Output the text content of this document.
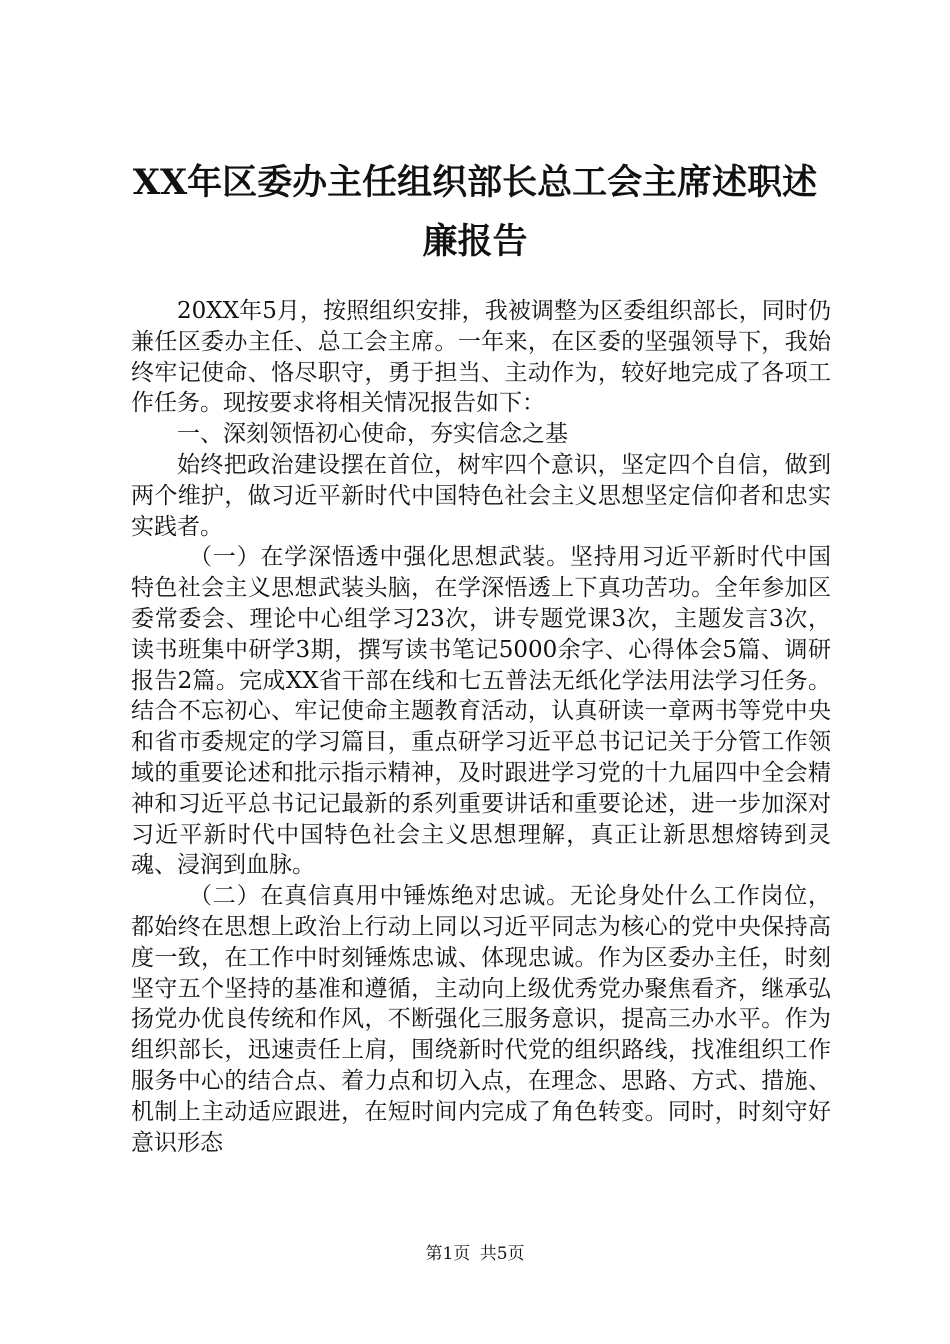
XX年区委办主任组织部长总工会主席述职述
廉报告

20XX年5月，按照组织安排，我被调整为区委组织部长，同时仍兼任区委办主任、总工会主席。一年来，在区委的坚强领导下，我始终牢记使命、恪尽职守，勇于担当、主动作为，较好地完成了各项工作任务。现按要求将相关情况报告如下：

一、深刻领悟初心使命，夯实信念之基

始终把政治建设摆在首位，树牢四个意识，坚定四个自信，做到两个维护，做习近平新时代中国特色社会主义思想坚定信仰者和忠实实践者。

（一）在学深悟透中强化思想武装。坚持用习近平新时代中国特色社会主义思想武装头脑，在学深悟透上下真功苦功。全年参加区委常委会、理论中心组学习23次，讲专题党课3次，主题发言3次，读书班集中研学3期，撰写读书笔记5000余字、心得体会5篇、调研报告2篇。完成XX省干部在线和七五普法无纸化学法用法学习任务。结合不忘初心、牢记使命主题教育活动，认真研读一章两书等党中央和省市委规定的学习篇目，重点研学习近平总书记记关于分管工作领域的重要论述和批示指示精神，及时跟进学习党的十九届四中全会精神和习近平总书记记最新的系列重要讲话和重要论述，进一步加深对习近平新时代中国特色社会主义思想理解，真正让新思想熔铸到灵魂、浸润到血脉。

（二）在真信真用中锤炼绝对忠诚。无论身处什么工作岗位，都始终在思想上政治上行动上同以习近平同志为核心的党中央保持高度一致，在工作中时刻锤炼忠诚、体现忠诚。作为区委办主任，时刻坚守五个坚持的基准和遵循，主动向上级优秀党办聚焦看齐，继承弘扬党办优良传统和作风，不断强化三服务意识，提高三办水平。作为组织部长，迅速责任上肩，围绕新时代党的组织路线，找准组织工作服务中心的结合点、着力点和切入点，在理念、思路、方式、措施、机制上主动适应跟进，在短时间内完成了角色转变。同时，时刻守好意识形态

第1页 共5页
